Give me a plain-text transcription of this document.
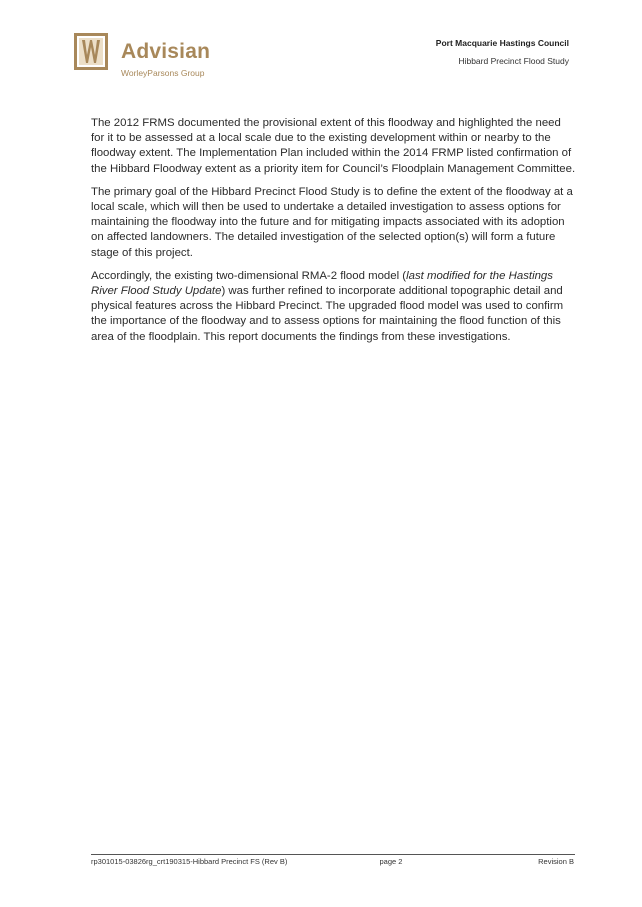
Advisian
WorleyParsons Group
Port Macquarie Hastings Council
Hibbard Precinct Flood Study

The 2012 FRMS documented the provisional extent of this floodway and highlighted the need for it to be assessed at a local scale due to the existing development within or nearby to the floodway extent. The Implementation Plan included within the 2014 FRMP listed confirmation of the Hibbard Floodway extent as a priority item for Council’s Floodplain Management Committee.

The primary goal of the Hibbard Precinct Flood Study is to define the extent of the floodway at a local scale, which will then be used to undertake a detailed investigation to assess options for maintaining the floodway into the future and for mitigating impacts associated with its adoption on affected landowners. The detailed investigation of the selected option(s) will form a future stage of this project.

Accordingly, the existing two-dimensional RMA-2 flood model (last modified for the Hastings River Flood Study Update) was further refined to incorporate additional topographic detail and physical features across the Hibbard Precinct. The upgraded flood model was used to confirm the importance of the floodway and to assess options for maintaining the flood function of this area of the floodplain. This report documents the findings from these investigations.

rp301015-03826rg_crt190315-Hibbard Precinct FS (Rev B)	page 2	Revision B
